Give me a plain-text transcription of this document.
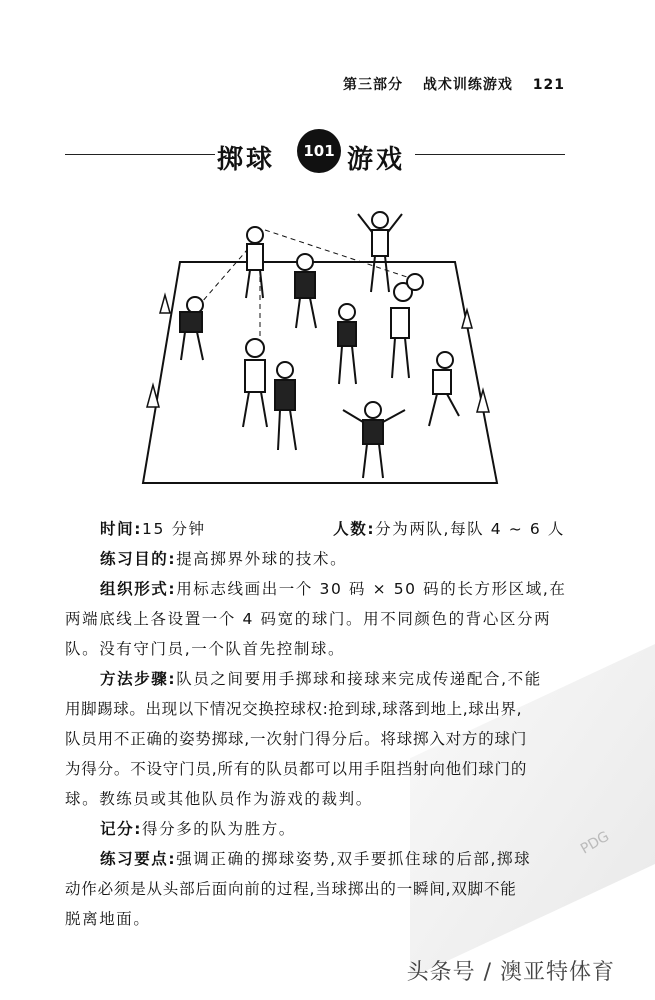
第三部分 战术训练游戏 121
掷球	101 游戏
PDG
时间:15 分钟	人数:分为两队,每队 4 ~ 6 人
练习目的:提高掷界外球的技术。
组织形式:用标志线画出一个 30 码 × 50 码的长方形区域,在
两端底线上各设置一个 4 码宽的球门。用不同颜色的背心区分两
队。没有守门员,一个队首先控制球。
方法步骤:队员之间要用手掷球和接球来完成传递配合,不能
用脚踢球。出现以下情况交换控球权:抢到球,球落到地上,球出界,
队员用不正确的姿势掷球,一次射门得分后。将球掷入对方的球门
为得分。不设守门员,所有的队员都可以用手阻挡射向他们球门的
球。教练员或其他队员作为游戏的裁判。
记分:得分多的队为胜方。
练习要点:强调正确的掷球姿势,双手要抓住球的后部,掷球
动作必须是从头部后面向前的过程,当球掷出的一瞬间,双脚不能
脱离地面。
头条号 / 澳亚特体育
